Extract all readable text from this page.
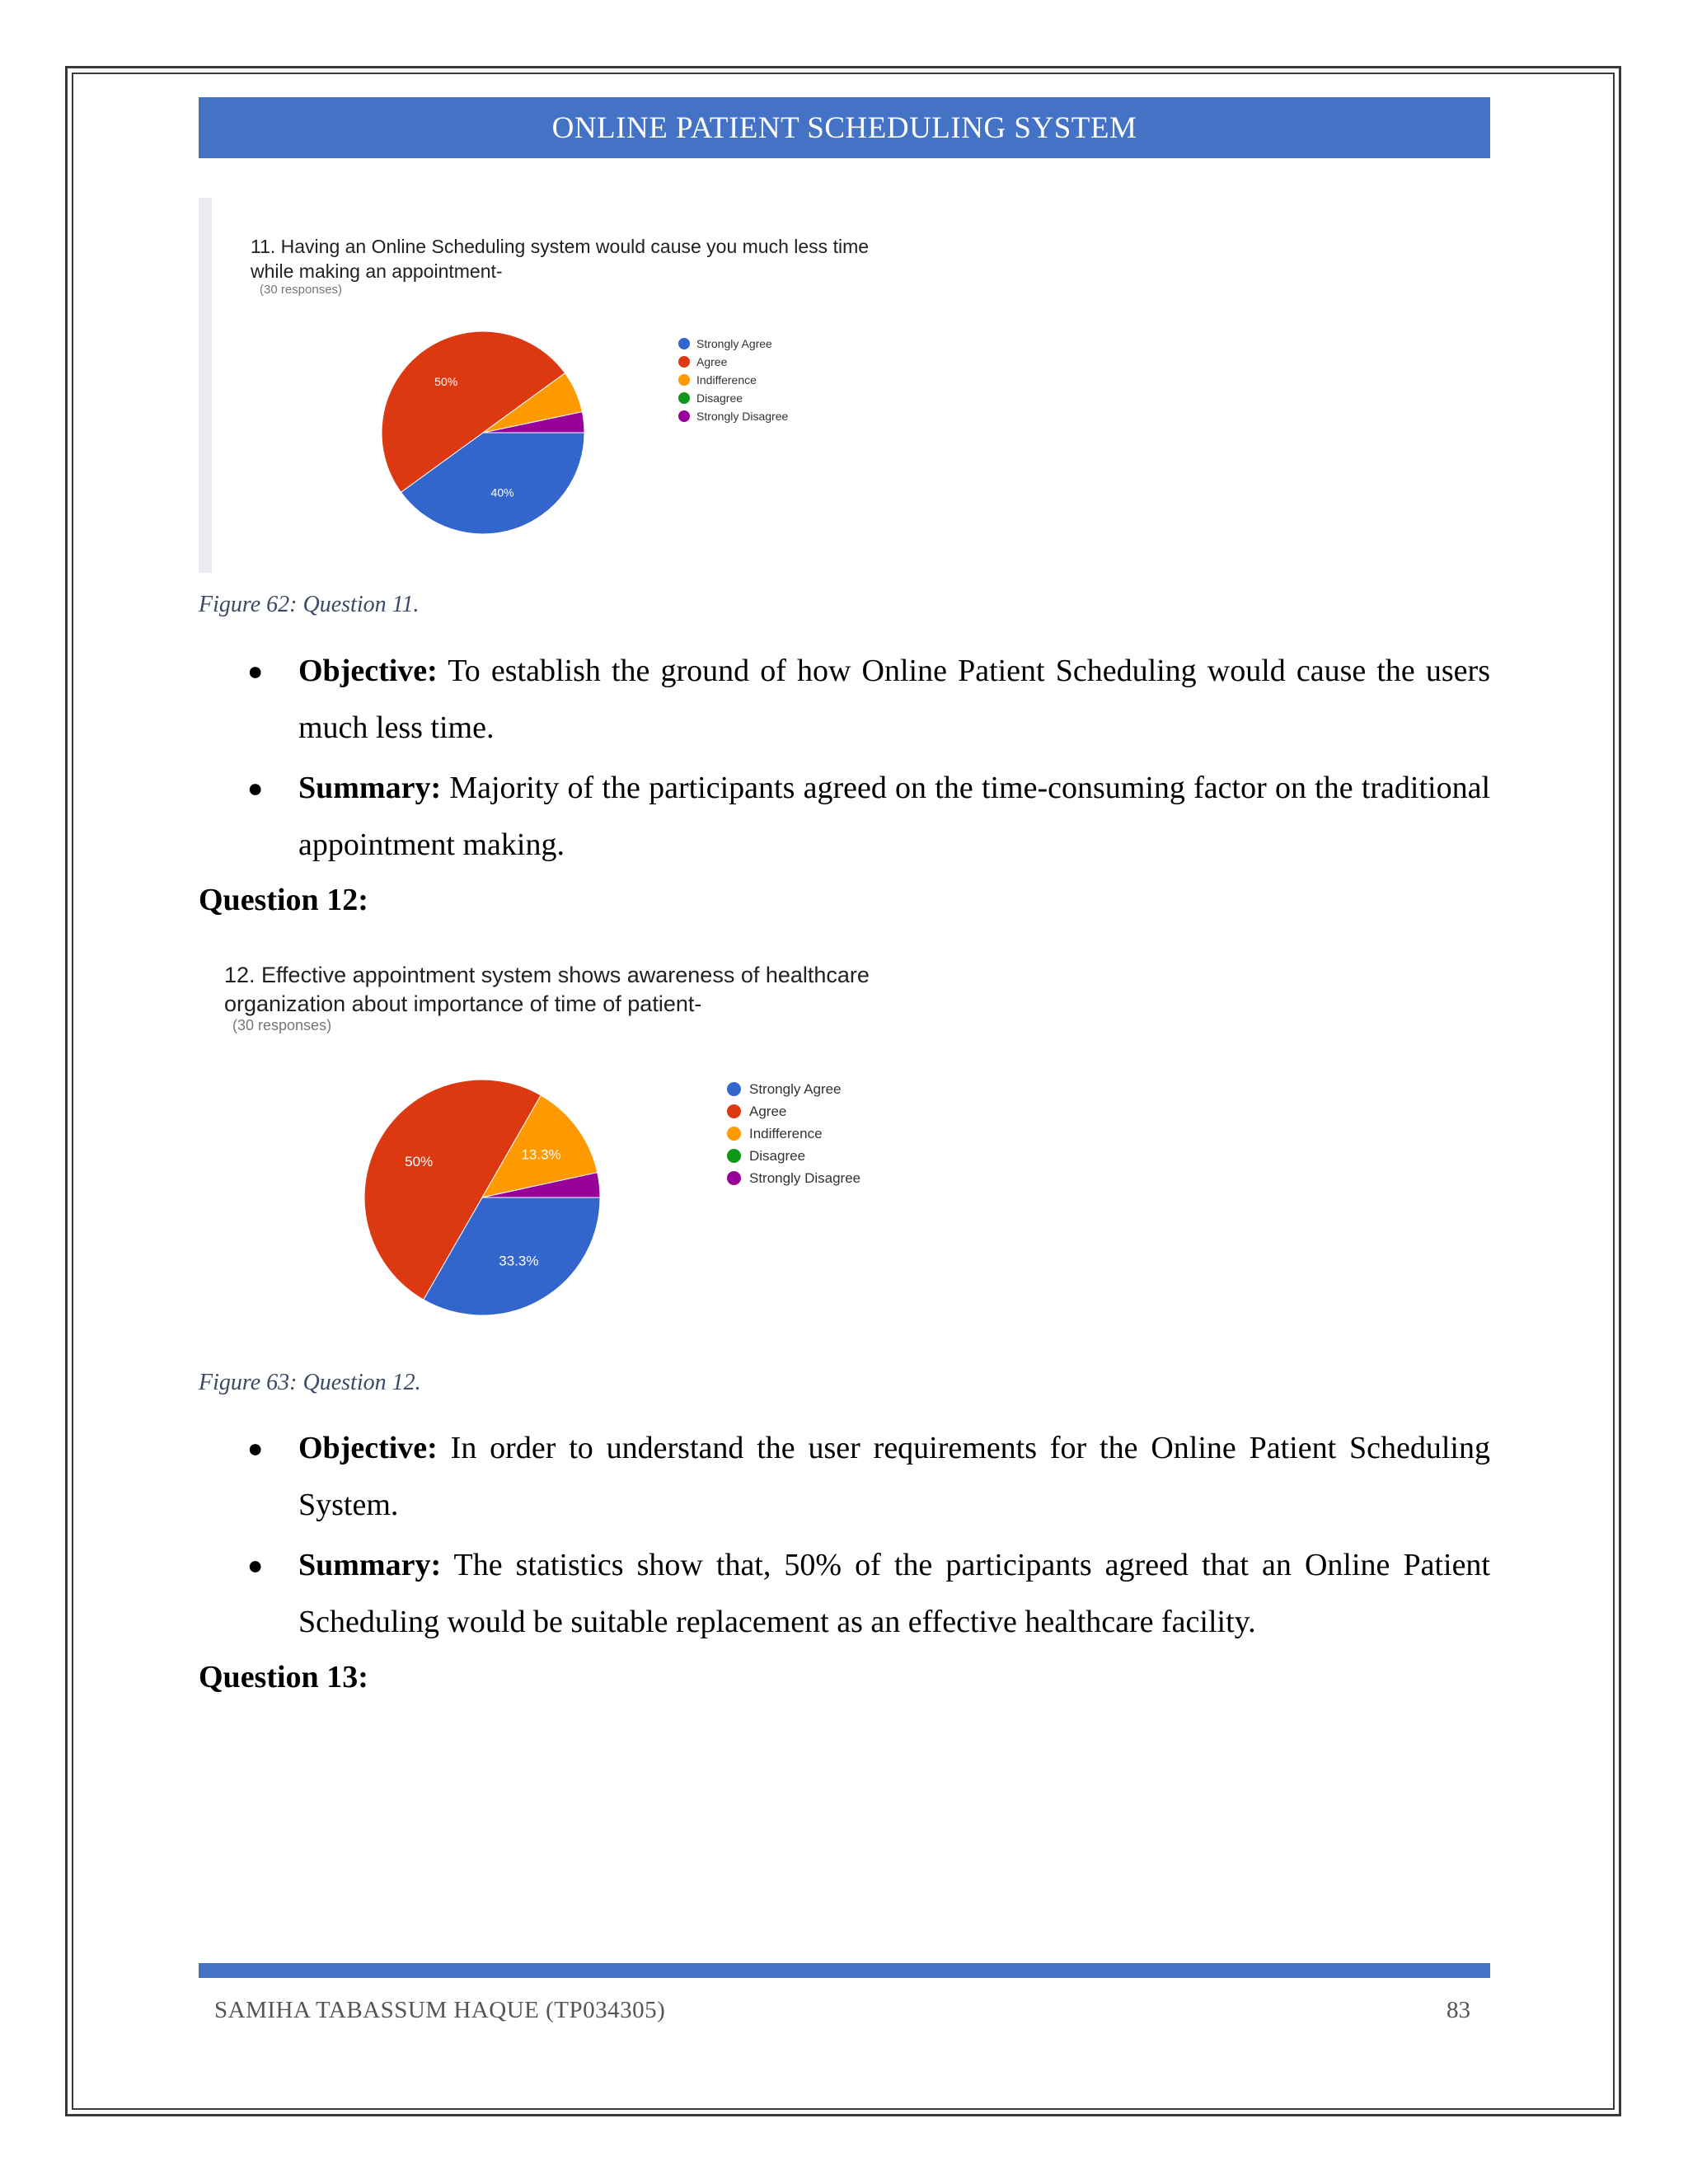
ONLINE PATIENT SCHEDULING SYSTEM
11. Having an Online Scheduling system would cause you much less time
while making an appointment-
(30 responses)
40%
50%
Strongly Agree
Agree
Indifference
Disagree
Strongly Disagree
Figure 62: Question 11.
● Objective: To establish the ground of how Online Patient Scheduling would cause the users much less time.
● Summary: Majority of the participants agreed on the time-consuming factor on the traditional appointment making.
Question 12:
12. Effective appointment system shows awareness of healthcare
organization about importance of time of patient-
(30 responses)
33.3%
50%	13.3%
Strongly Agree
Agree
Indifference
Disagree
Strongly Disagree
Figure 63: Question 12.
● Objective: In order to understand the user requirements for the Online Patient Scheduling System.
● Summary: The statistics show that, 50% of the participants agreed that an Online Patient Scheduling would be suitable replacement as an effective healthcare facility.
Question 13:
SAMIHA TABASSUM HAQUE (TP034305)	83
